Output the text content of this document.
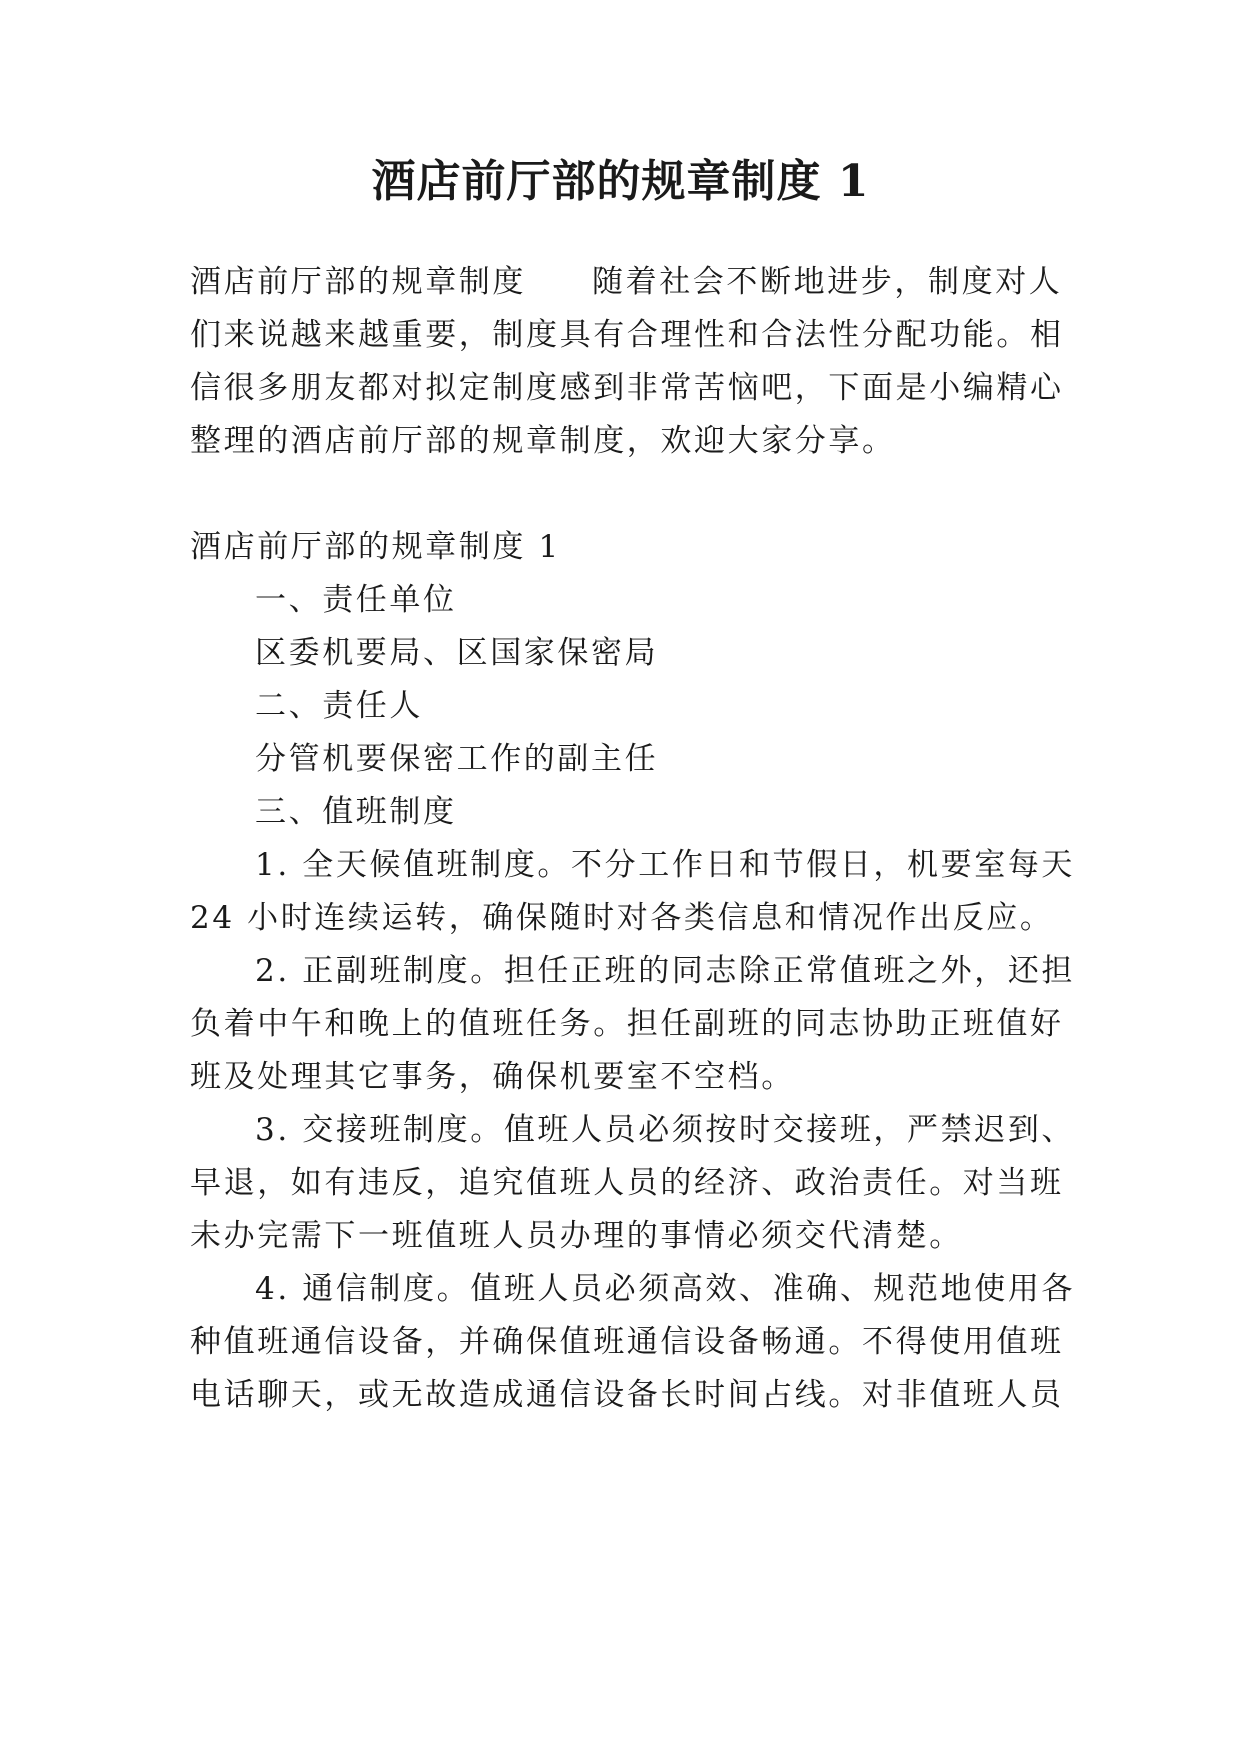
酒店前厅部的规章制度 1
酒店前厅部的规章制度 随着社会不断地进步，制度对人
们来说越来越重要，制度具有合理性和合法性分配功能。相
信很多朋友都对拟定制度感到非常苦恼吧，下面是小编精心
整理的酒店前厅部的规章制度，欢迎大家分享。
酒店前厅部的规章制度 1
一、责任单位
区委机要局、区国家保密局
二、责任人
分管机要保密工作的副主任
三、值班制度
1. 全天候值班制度。不分工作日和节假日，机要室每天
24 小时连续运转，确保随时对各类信息和情况作出反应。
2. 正副班制度。担任正班的同志除正常值班之外，还担
负着中午和晚上的值班任务。担任副班的同志协助正班值好
班及处理其它事务，确保机要室不空档。
3. 交接班制度。值班人员必须按时交接班，严禁迟到、
早退，如有违反，追究值班人员的经济、政治责任。对当班
未办完需下一班值班人员办理的事情必须交代清楚。
4. 通信制度。值班人员必须高效、准确、规范地使用各
种值班通信设备，并确保值班通信设备畅通。不得使用值班
电话聊天，或无故造成通信设备长时间占线。对非值班人员
